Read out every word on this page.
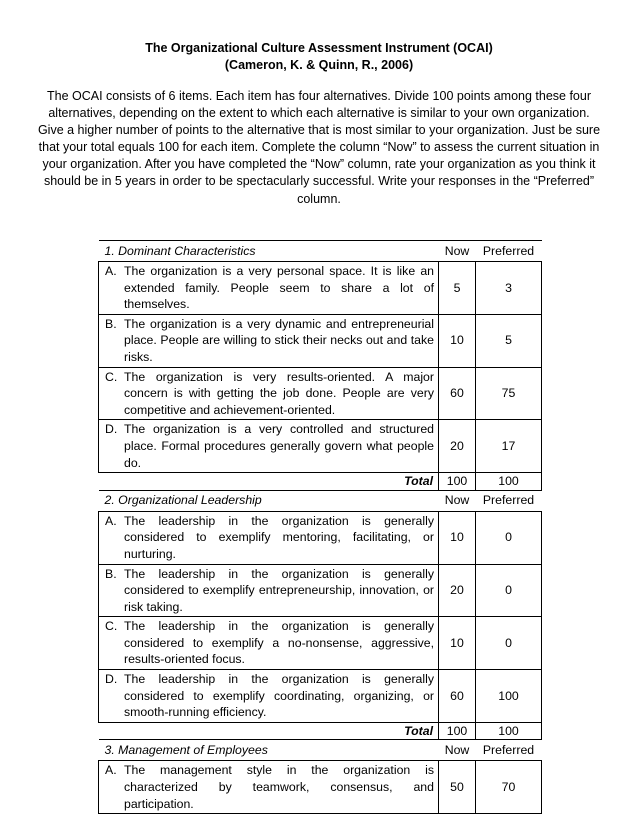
The Organizational Culture Assessment Instrument (OCAI)
(Cameron, K. & Quinn, R., 2006)
The OCAI consists of 6 items. Each item has four alternatives. Divide 100 points among these four alternatives, depending on the extent to which each alternative is similar to your own organization. Give a higher number of points to the alternative that is most similar to your organization. Just be sure that your total equals 100 for each item. Complete the column “Now” to assess the current situation in your organization. After you have completed the “Now” column, rate your organization as you think it should be in 5 years in order to be spectacularly successful. Write your responses in the “Preferred” column.
1. Dominant Characteristics	Now	Preferred

A. The organization is a very personal space. It is like an extended family. People seem to share a lot of themselves.	5	3

B. The organization is a very dynamic and entrepreneurial place. People are willing to stick their necks out and take risks.	10	5

C. The organization is very results-oriented. A major concern is with getting the job done. People are very competitive and achievement-oriented.	60	75

D. The organization is a very controlled and structured place. Formal procedures generally govern what people do.	20	17
Total	100	100
2. Organizational Leadership	Now	Preferred

A. The leadership in the organization is generally considered to exemplify mentoring, facilitating, or nurturing.	10	0

B. The leadership in the organization is generally considered to exemplify entrepreneurship, innovation, or risk taking.	20	0

C. The leadership in the organization is generally considered to exemplify a no-nonsense, aggressive, results-oriented focus.	10	0

D. The leadership in the organization is generally considered to exemplify coordinating, organizing, or smooth-running efficiency.	60	100
Total	100	100
3. Management of Employees	Now	Preferred

A. The management style in the organization is characterized by teamwork, consensus, and participation.	50	70
